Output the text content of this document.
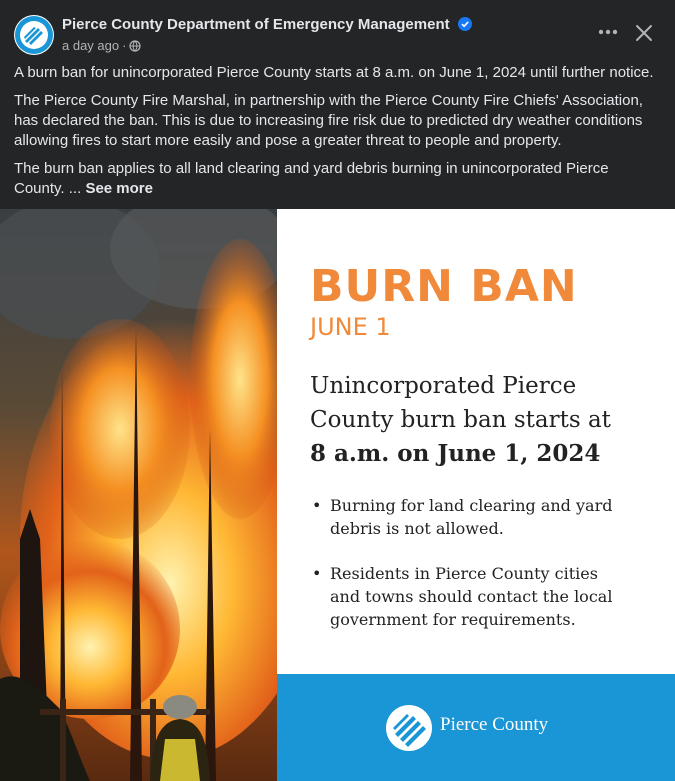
Pierce County Department of Emergency Management
a day ago ·

A burn ban for unincorporated Pierce County starts at 8 a.m. on June 1, 2024 until further notice.

The Pierce County Fire Marshal, in partnership with the Pierce County Fire Chiefs' Association, has declared the ban. This is due to increasing fire risk due to predicted dry weather conditions allowing fires to start more easily and pose a greater threat to people and property.

The burn ban applies to all land clearing and yard debris burning in unincorporated Pierce County. ... See more

BURN BAN
JUNE 1
Unincorporated Pierce
County burn ban starts at
8 a.m. on June 1, 2024
• Burning for land clearing and yard
debris is not allowed.
• Residents in Pierce County cities
and towns should contact the local
government for requirements.
Pierce County
